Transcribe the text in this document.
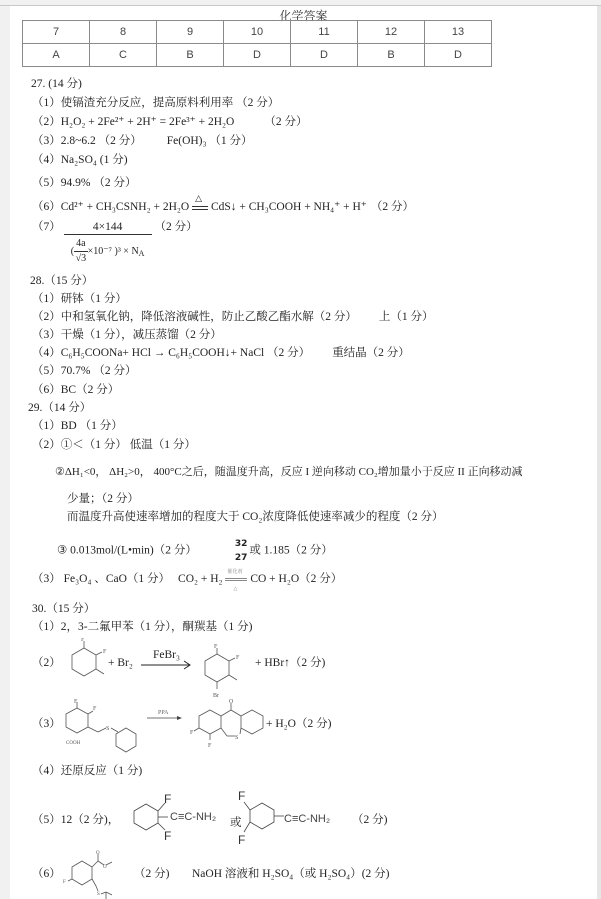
化学答案
7	8	9	10	11	12	13
A	C	B	D	D	B	D
27. (14 分)
（1）使镉渣充分反应，提高原料利用率 （2 分）
（2）H₂O₂ + 2Fe²⁺ + 2H⁺ = 2Fe³⁺ + 2H₂O	（2 分）
（3）2.8~6.2 （2 分） Fe(OH)₃ （1 分）
（4）Na₂SO₄ (1 分)
（5）94.9% （2 分）
（6）Cd²⁺ + CH₃CSNH₂ + 2H₂O
△
CdS↓ + CH₃COOH + NH₄⁺ + H⁺ （2 分）
$(7) \frac{4\times 144}{( \frac{4a}{√3} \times 10^{-7} )^3 \times N_A} (2$ 分）
28.（15 分）
（1）研钵（1 分）
（2）中和氢氧化钠，降低溶液碱性，防止乙酸乙酯水解（2 分） 上（1 分）
（3）干燥（1 分），减压蒸馏（2 分）
（4）C₆H₅COONa+ HCl → C₆H₅COOH↓+ NaCl （2 分） 重结晶（2 分）
（5）70.7% （2 分）
（6）BC（2 分）
29.（14 分）
（1）BD （1 分）
（2）①＜（1 分） 低温（1 分）
②ΔH₁<0， ΔH₂>0， 400°C之后，随温度升高，反应 I 逆向移动 CO₂增加量小于反应 II 正向移动减
少量；（2 分）
而温度升高使速率增加的程度大于 CO₂浓度降低使速率减少的程度（2 分）
③ 0.013mol/(L•min)（2 分）
32
27
或 1.185（2 分）
（3） Fe₃O₄ 、CaO（1 分） CO₂ + H₂
催化剂
△
CO + H₂O（2 分）
30.（15 分）
（1）2，3-二氟甲苯（1 分），酮羰基（1 分)
（2）
F
F
+ Br₂
FeBr₃
F
F
Br
+ HBr↑（2 分)
（3）
F
F
S
COOH
PPA
O
S
F
F
+ H₂O（2 分)
（4）还原反应（1 分)
（5）12（2 分)，
F
F
C≡C-NH₂ 或
F
F
C≡C-NH₂ （2 分)
（6）
O
O
S
F
（2 分) NaOH 溶液和 H₂SO₄（或 H₂SO₄）(2 分)
